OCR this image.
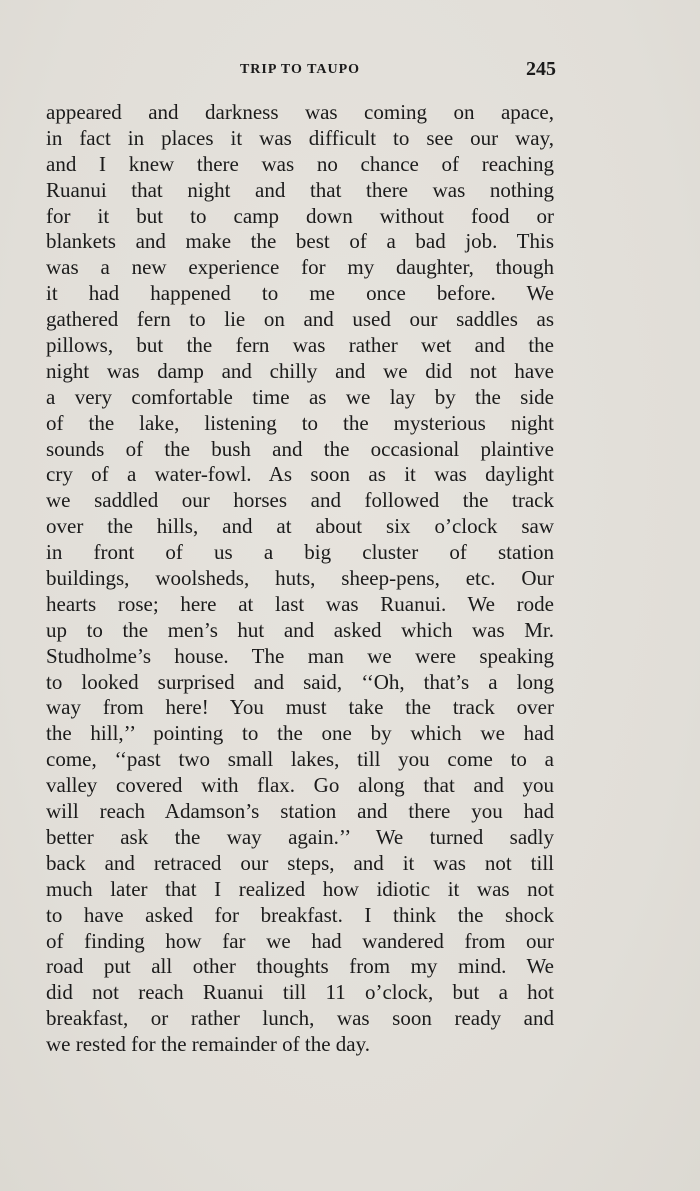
TRIP TO TAUPO	245
appeared and darkness was coming on apace,
in fact in places it was difficult to see our way,
and I knew there was no chance of reaching
Ruanui that night and that there was nothing
for it but to camp down without food or
blankets and make the best of a bad job. This
was a new experience for my daughter, though
it had happened to me once before. We
gathered fern to lie on and used our saddles as
pillows, but the fern was rather wet and the
night was damp and chilly and we did not have
a very comfortable time as we lay by the side
of the lake, listening to the mysterious night
sounds of the bush and the occasional plaintive
cry of a water-fowl. As soon as it was daylight
we saddled our horses and followed the track
over the hills, and at about six o’clock saw
in front of us a big cluster of station
buildings, woolsheds, huts, sheep-pens, etc. Our
hearts rose; here at last was Ruanui. We rode
up to the men’s hut and asked which was Mr.
Studholme’s house. The man we were speaking
to looked surprised and said, ‘‘Oh, that’s a long
way from here! You must take the track over
the hill,’’ pointing to the one by which we had
come, ‘‘past two small lakes, till you come to a
valley covered with flax. Go along that and you
will reach Adamson’s station and there you had
better ask the way again.’’ We turned sadly
back and retraced our steps, and it was not till
much later that I realized how idiotic it was not
to have asked for breakfast. I think the shock
of finding how far we had wandered from our
road put all other thoughts from my mind. We
did not reach Ruanui till 11 o’clock, but a hot
breakfast, or rather lunch, was soon ready and
we rested for the remainder of the day.
